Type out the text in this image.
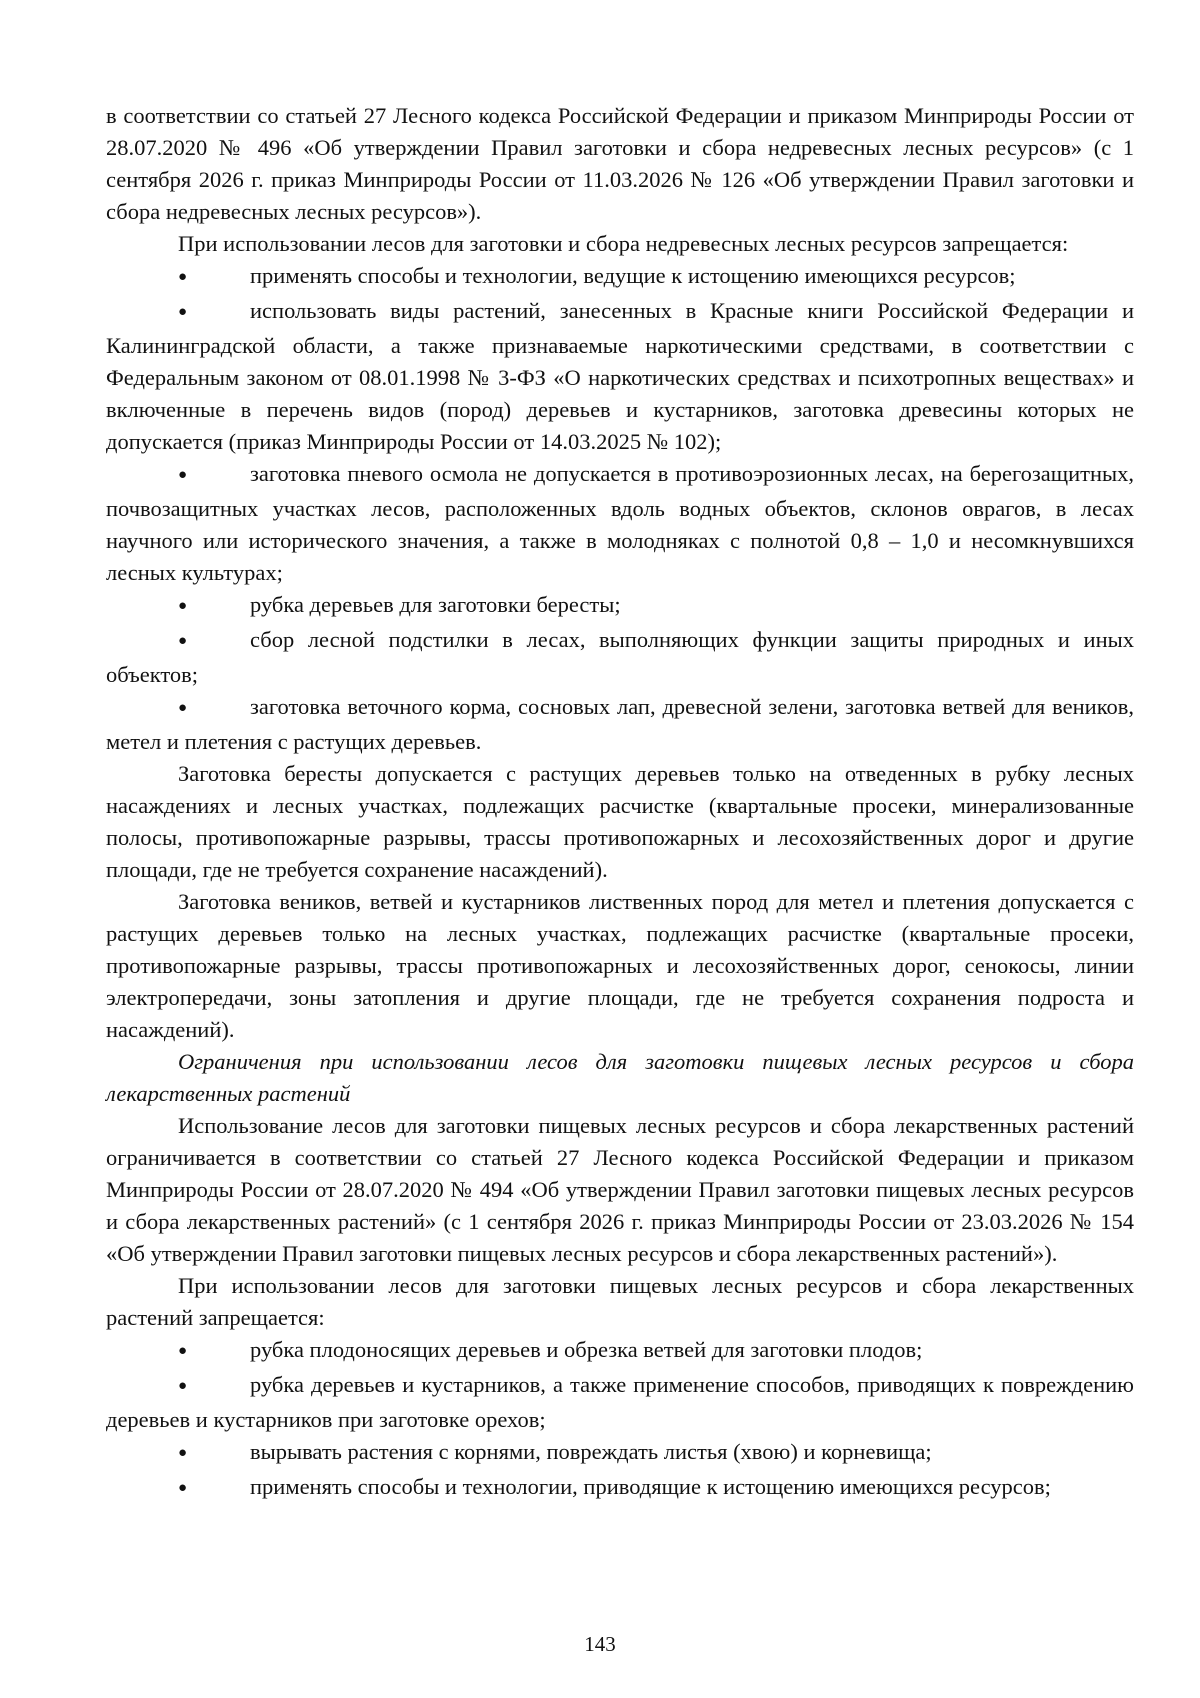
в соответствии со статьей 27 Лесного кодекса Российской Федерации и приказом Минприроды России от 28.07.2020 № 496 «Об утверждении Правил заготовки и сбора недревесных лесных ресурсов» (с 1 сентября 2026 г. приказ Минприроды России от 11.03.2026 № 126 «Об утверждении Правил заготовки и сбора недревесных лесных ресурсов»).

При использовании лесов для заготовки и сбора недревесных лесных ресурсов запрещается:

●применять способы и технологии, ведущие к истощению имеющихся ресурсов;

●использовать виды растений, занесенных в Красные книги Российской Федерации и Калининградской области, а также признаваемые наркотическими средствами, в соответствии с Федеральным законом от 08.01.1998 № 3-ФЗ «О наркотических средствах и психотропных веществах» и включенные в перечень видов (пород) деревьев и кустарников, заготовка древесины которых не допускается (приказ Минприроды России от 14.03.2025 № 102);

●заготовка пневого осмола не допускается в противоэрозионных лесах, на берегозащитных, почвозащитных участках лесов, расположенных вдоль водных объектов, склонов оврагов, в лесах научного или исторического значения, а также в молодняках с полнотой 0,8 – 1,0 и несомкнувшихся лесных культурах;

●рубка деревьев для заготовки бересты;

●сбор лесной подстилки в лесах, выполняющих функции защиты природных и иных объектов;

●заготовка веточного корма, сосновых лап, древесной зелени, заготовка ветвей для веников, метел и плетения с растущих деревьев.

Заготовка бересты допускается с растущих деревьев только на отведенных в рубку лесных насаждениях и лесных участках, подлежащих расчистке (квартальные просеки, минерализованные полосы, противопожарные разрывы, трассы противопожарных и лесохозяйственных дорог и другие площади, где не требуется сохранение насаждений).

Заготовка веников, ветвей и кустарников лиственных пород для метел и плетения допускается с растущих деревьев только на лесных участках, подлежащих расчистке (квартальные просеки, противопожарные разрывы, трассы противопожарных и лесохозяйственных дорог, сенокосы, линии электропередачи, зоны затопления и другие площади, где не требуется сохранения подроста и насаждений).

Ограничения при использовании лесов для заготовки пищевых лесных ресурсов и сбора лекарственных растений

Использование лесов для заготовки пищевых лесных ресурсов и сбора лекарственных растений ограничивается в соответствии со статьей 27 Лесного кодекса Российской Федерации и приказом Минприроды России от 28.07.2020 № 494 «Об утверждении Правил заготовки пищевых лесных ресурсов и сбора лекарственных растений» (с 1 сентября 2026 г. приказ Минприроды России от 23.03.2026 № 154 «Об утверждении Правил заготовки пищевых лесных ресурсов и сбора лекарственных растений»).

При использовании лесов для заготовки пищевых лесных ресурсов и сбора лекарственных растений запрещается:

●рубка плодоносящих деревьев и обрезка ветвей для заготовки плодов;

●рубка деревьев и кустарников, а также применение способов, приводящих к повреждению деревьев и кустарников при заготовке орехов;

●вырывать растения с корнями, повреждать листья (хвою) и корневища;

●применять способы и технологии, приводящие к истощению имеющихся ресурсов;

143
